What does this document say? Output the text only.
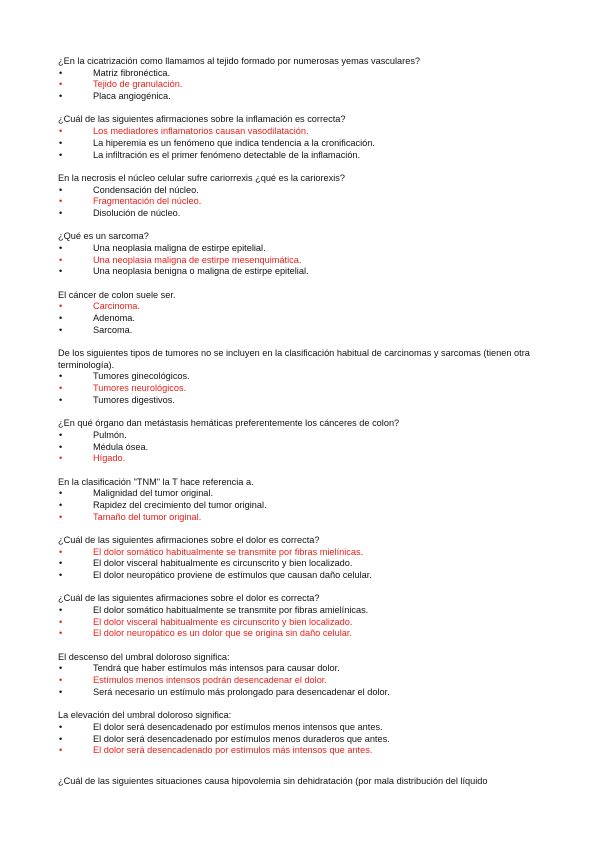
¿En la cicatrización como llamamos al tejido formado por numerosas yemas vasculares?
•	Matriz fibronéctica.
•	Tejido de granulación.
•	Placa angiogénica.
¿Cuál de las siguientes afirmaciones sobre la inflamación es correcta?
•	Los mediadores inflamatorios causan vasodilatación.
•	La hiperemia es un fenómeno que indica tendencia a la cronificación.
•	La infiltración es el primer fenómeno detectable de la inflamación.
En la necrosis el núcleo celular sufre cariorrexis ¿qué es la cariorexis?
•	Condensación del núcleo.
•	Fragmentación del núcleo.
•	Disolución de núcleo.
¿Qué es un sarcoma?
•	Una neoplasia maligna de estirpe epitelial.
•	Una neoplasia maligna de estirpe mesenquimática.
•	Una neoplasia benigna o maligna de estirpe epitelial.
El cáncer de colon suele ser.
•	Carcinoma.
•	Adenoma.
•	Sarcoma.
De los siguientes tipos de tumores no se incluyen en la clasificación habitual de carcinomas y sarcomas (tienen otra terminología).
•	Tumores ginecológicos.
•	Tumores neurológicos.
•	Tumores digestivos.
¿En qué órgano dan metástasis hemáticas preferentemente los cánceres de colon?
•	Pulmón.
•	Médula ósea.
•	Hígado.
En la clasificación "TNM" la T hace referencia a.
•	Malignidad del tumor original.
•	Rapidez del crecimiento del tumor original.
•	Tamaño del tumor original.
¿Cuál de las siguientes afirmaciones sobre el dolor es correcta?
•	El dolor somático habitualmente se transmite por fibras mielínicas.
•	El dolor visceral habitualmente es circunscrito y bien localizado.
•	El dolor neuropático proviene de estímulos que causan daño celular.
¿Cuál de las siguientes afirmaciones sobre el dolor es correcta?
•	El dolor somático habitualmente se transmite por fibras amielínicas.
•	El dolor visceral habitualmente es circunscrito y bien localizado.
•	El dolor neuropático es un dolor que se origina sin daño celular.
El descenso del umbral doloroso significa:
•	Tendrá que haber estímulos más intensos para causar dolor.
•	Estímulos menos intensos podrán desencadenar el dolor.
•	Será necesario un estímulo más prolongado para desencadenar el dolor.
La elevación del umbral doloroso significa:
•	El dolor será desencadenado por estímulos menos intensos que antes.
•	El dolor será desencadenado por estímulos menos duraderos que antes.
•	El dolor será desencadenado por estímulos más intensos que antes.
¿Cuál de las siguientes situaciones causa hipovolemia sin dehidratación (por mala distribución del líquido
